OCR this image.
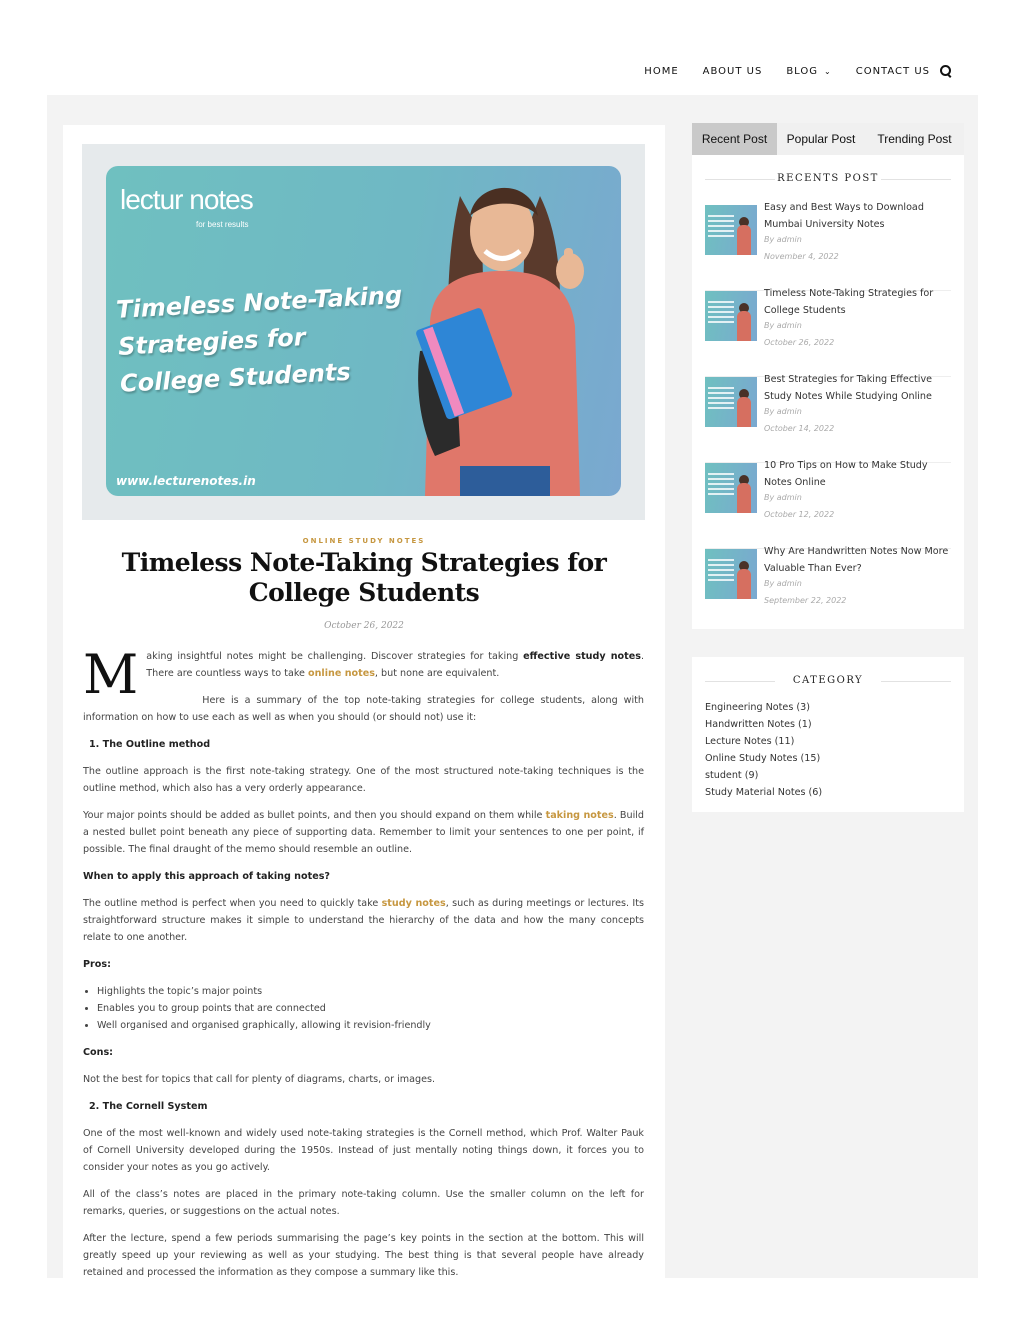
HOME ABOUT US BLOG ⌄ CONTACT US
lectur notes
for best results
Timeless Note-Taking
Strategies for
College Students
www.lecturenotes.in
ONLINE STUDY NOTES
Timeless Note-Taking Strategies for College Students
October 26, 2022

Making insightful notes might be challenging. Discover strategies for taking effective study notes. There are countless ways to take online notes, but none are equivalent.

Here is a summary of the top note-taking strategies for college students, along with information on how to use each as well as when you should (or should not) use it:

1. The Outline method

The outline approach is the first note-taking strategy. One of the most structured note-taking techniques is the outline method, which also has a very orderly appearance.

Your major points should be added as bullet points, and then you should expand on them while taking notes. Build a nested bullet point beneath any piece of supporting data. Remember to limit your sentences to one per point, if possible. The final draught of the memo should resemble an outline.

When to apply this approach of taking notes?

The outline method is perfect when you need to quickly take study notes, such as during meetings or lectures. Its straightforward structure makes it simple to understand the hierarchy of the data and how the many concepts relate to one another.

Pros:

• Highlights the topic’s major points
• Enables you to group points that are connected
• Well organised and organised graphically, allowing it revision-friendly

Cons:

Not the best for topics that call for plenty of diagrams, charts, or images.

2. The Cornell System

One of the most well-known and widely used note-taking strategies is the Cornell method, which Prof. Walter Pauk of Cornell University developed during the 1950s. Instead of just mentally noting things down, it forces you to consider your notes as you go actively.

All of the class’s notes are placed in the primary note-taking column. Use the smaller column on the left for remarks, queries, or suggestions on the actual notes.

After the lecture, spend a few periods summarising the page’s key points in the section at the bottom. This will greatly speed up your reviewing as well as your studying. The best thing is that several people have already retained and processed the information as they compose a summary like this.

Recent Post	Popular Post	Trending Post
RECENTS POST
Easy and Best Ways to Download Mumbai University Notes
By admin
November 4, 2022
Timeless Note-Taking Strategies for College Students
By admin
October 26, 2022
Best Strategies for Taking Effective Study Notes While Studying Online
By admin
October 14, 2022
10 Pro Tips on How to Make Study Notes Online
By admin
October 12, 2022
Why Are Handwritten Notes Now More Valuable Than Ever?
By admin
September 22, 2022
CATEGORY
Engineering Notes (3)
Handwritten Notes (1)
Lecture Notes (11)
Online Study Notes (15)
student (9)
Study Material Notes (6)
